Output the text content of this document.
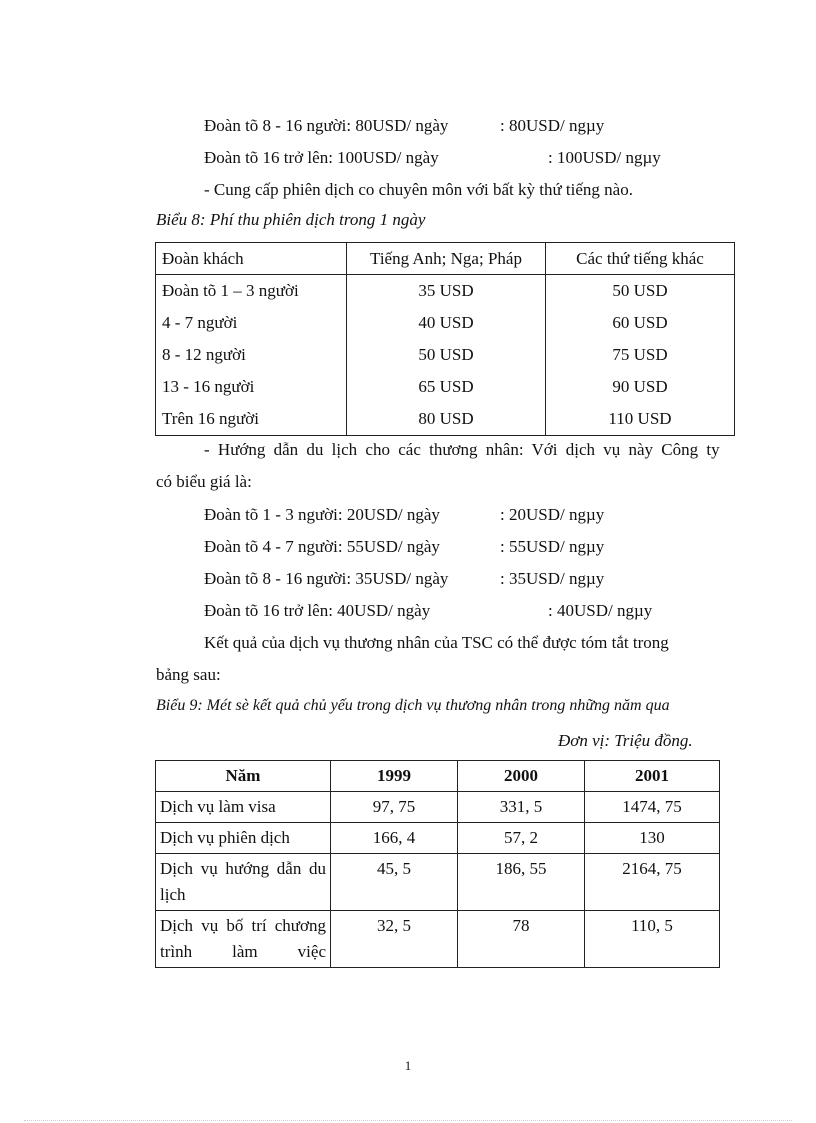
Đoàn tõ 8 - 16 người: 80USD/ ngày	: 80USD/ ngµy
Đoàn tõ 16 trở lên: 100USD/ ngày	: 100USD/ ngµy
- Cung cấp phiên dịch co chuyên môn với bất kỳ thứ tiếng nào.
Biểu 8: Phí thu phiên dịch trong 1 ngày
Đoàn khách	Tiếng Anh; Nga; Pháp	Các thứ tiếng khác
Đoàn tõ 1 – 3 người	35 USD	50 USD
4 - 7 người	40 USD	60 USD
8 - 12 người	50 USD	75 USD
13 - 16 người	65 USD	90 USD
Trên 16 người	80 USD	110 USD
- Hướng dẫn du lịch cho các thương nhân: Với dịch vụ này Công ty
có biểu giá là:
Đoàn tõ 1 - 3 người: 20USD/ ngày	: 20USD/ ngµy
Đoàn tõ 4 - 7 người: 55USD/ ngày	: 55USD/ ngµy
Đoàn tõ 8 - 16 người: 35USD/ ngày	: 35USD/ ngµy
Đoàn tõ 16 trở lên: 40USD/ ngày	: 40USD/ ngµy
Kết quả của dịch vụ thương nhân của TSC có thể được tóm tắt trong
bảng sau:
Biểu 9: Mét sè kết quả chủ yếu trong dịch vụ thương nhân trong những năm qua
Đơn vị: Triệu đồng.
Năm	1999	2000	2001
Dịch vụ làm visa	97, 75	331, 5	1474, 75
Dịch vụ phiên dịch	166, 4	57, 2	130
Dịch vụ hướng dẫn du lịch	45, 5	186, 55	2164, 75
Dịch vụ bố trí chương trình làm việc	32, 5	78	110, 5
1
